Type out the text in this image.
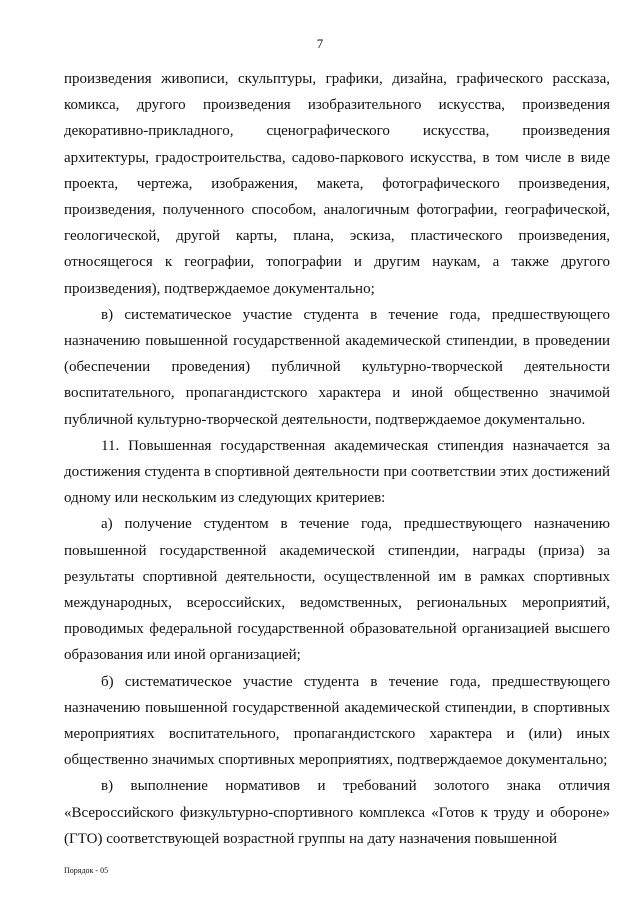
7

произведения живописи, скульптуры, графики, дизайна, графического рассказа, комикса, другого произведения изобразительного искусства, произведения декоративно-прикладного, сценографического искусства, произведения архитектуры, градостроительства, садово-паркового искусства, в том числе в виде проекта, чертежа, изображения, макета, фотографического произведения, произведения, полученного способом, аналогичным фотографии, географической, геологической, другой карты, плана, эскиза, пластического произведения, относящегося к географии, топографии и другим наукам, а также другого произведения), подтверждаемое документально;

в) систематическое участие студента в течение года, предшествующего назначению повышенной государственной академической стипендии, в проведении (обеспечении проведения) публичной культурно-творческой деятельности воспитательного, пропагандистского характера и иной общественно значимой публичной культурно-творческой деятельности, подтверждаемое документально.

11. Повышенная государственная академическая стипендия назначается за достижения студента в спортивной деятельности при соответствии этих достижений одному или нескольким из следующих критериев:

а) получение студентом в течение года, предшествующего назначению повышенной государственной академической стипендии, награды (приза) за результаты спортивной деятельности, осуществленной им в рамках спортивных международных, всероссийских, ведомственных, региональных мероприятий, проводимых федеральной государственной образовательной организацией высшего образования или иной организацией;

б) систематическое участие студента в течение года, предшествующего назначению повышенной государственной академической стипендии, в спортивных мероприятиях воспитательного, пропагандистского характера и (или) иных общественно значимых спортивных мероприятиях, подтверждаемое документально;

в) выполнение нормативов и требований золотого знака отличия «Всероссийского физкультурно-спортивного комплекса «Готов к труду и обороне» (ГТО) соответствующей возрастной группы на дату назначения повышенной

Порядок - 05
